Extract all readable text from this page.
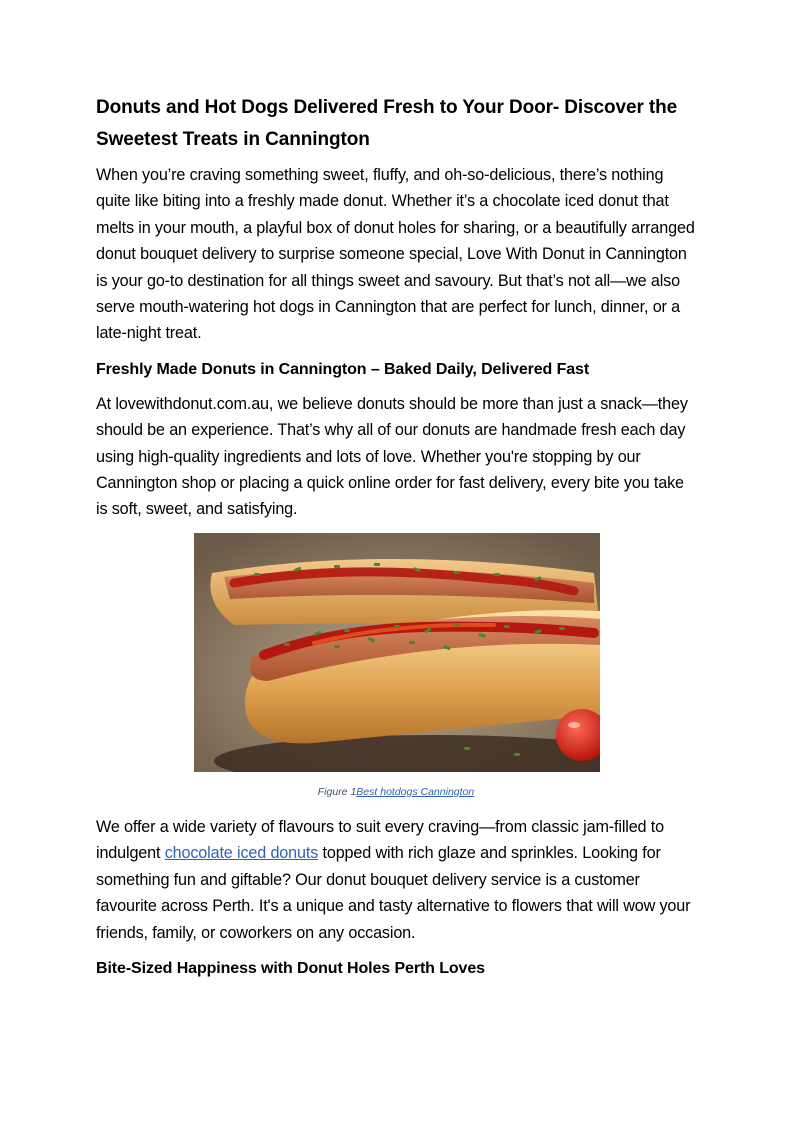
Donuts and Hot Dogs Delivered Fresh to Your Door- Discover the Sweetest Treats in Cannington

When you’re craving something sweet, fluffy, and oh-so-delicious, there’s nothing quite like biting into a freshly made donut. Whether it’s a chocolate iced donut that melts in your mouth, a playful box of donut holes for sharing, or a beautifully arranged donut bouquet delivery to surprise someone special, Love With Donut in Cannington is your go-to destination for all things sweet and savoury. But that’s not all—we also serve mouth-watering hot dogs in Cannington that are perfect for lunch, dinner, or a late-night treat.

Freshly Made Donuts in Cannington – Baked Daily, Delivered Fast

At lovewithdonut.com.au, we believe donuts should be more than just a snack—they should be an experience. That’s why all of our donuts are handmade fresh each day using high-quality ingredients and lots of love. Whether you're stopping by our Cannington shop or placing a quick online order for fast delivery, every bite you take is soft, sweet, and satisfying.

Figure 1Best hotdogs Cannington

We offer a wide variety of flavours to suit every craving—from classic jam-filled to indulgent chocolate iced donuts topped with rich glaze and sprinkles. Looking for something fun and giftable? Our donut bouquet delivery service is a customer favourite across Perth. It's a unique and tasty alternative to flowers that will wow your friends, family, or coworkers on any occasion.

Bite-Sized Happiness with Donut Holes Perth Loves
